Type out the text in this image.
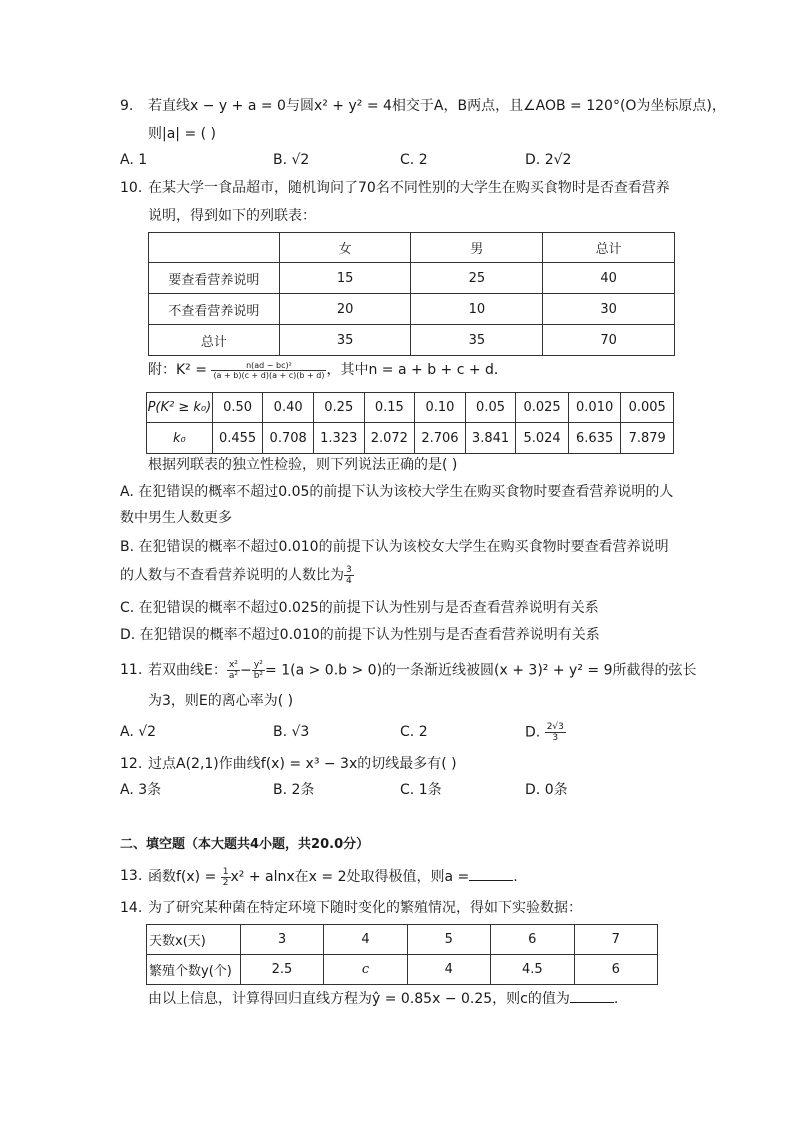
9. 若直线x − y + a = 0与圆x² + y² = 4相交于A，B两点，且∠AOB = 120°(O为坐标原点)，
则|a| = ( )
A. 1	B. √2	C. 2	D. 2√2
10. 在某大学一食品超市，随机询问了70名不同性别的大学生在购买食物时是否查看营养
说明，得到如下的列联表：
	女	男	总计
要查看营养说明	15	25	40
不查看营养说明	20	10	30
总计	35	35	70
附：$K^2 = \frac{\text{n(ad − bc)²}}{(a + b)(c + d)(a + c)(b + d)}$ ，其中n = a + b + c + d．
P(K² ≥ k₀)	0.50	0.40	0.25	0.15	0.10	0.05	0.025	0.010	0.005
k₀	0.455	0.708	1.323	2.072	2.706	3.841	5.024	6.635	7.879
根据列联表的独立性检验，则下列说法正确的是( )
A. 在犯错误的概率不超过0.05的前提下认为该校大学生在购买食物时要查看营养说明的人
数中男生人数更多
B. 在犯错误的概率不超过0.010的前提下认为该校女大学生在购买食物时要查看营养说明
的人数与不查看营养说明的人数比为 $\frac{3}{4}$
C. 在犯错误的概率不超过0.025的前提下认为性别与是否查看营养说明有关系
D. 在犯错误的概率不超过0.010的前提下认为性别与是否查看营养说明有关系
11. 若双曲线E： $\frac{\text{x²}}{\text{a²}} - \frac{\text{y²}}{\text{b²}} = 1(a > 0.b > 0)$的一条渐近线被圆(x + 3)² + y² = 9所截得的弦长
为3，则E的离心率为( )
A. √2	B. √3	C. 2	D. $\frac{2√3}{3}$
12. 过点A(2,1)作曲线f(x) = x³ − 3x的切线最多有( )
A. 3条	B. 2条	C. 1条	D. 0条
二、填空题（本大题共4小题，共20.0分）
13. 函数$f(x) = \frac{1}{2} x^2 + alnx$在x = 2处取得极值，则a =	.
14. 为了研究某种菌在特定环境下随时变化的繁殖情况，得如下实验数据：
天数x(天)	3	4	5	6	7
繁殖个数y(个)	2.5	c	4	4.5	6
由以上信息，计算得回归直线方程为ŷ = 0.85x − 0.25，则c的值为	.
